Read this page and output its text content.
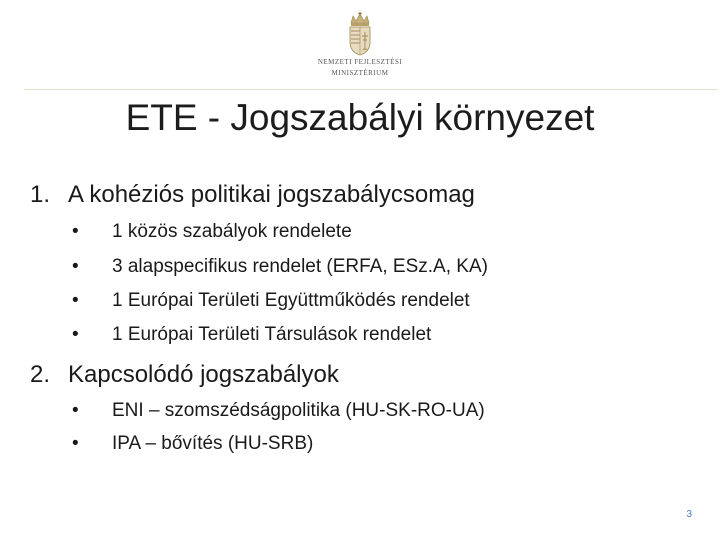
NEMZETI FEJLESZTÉSI
MINISZTÉRIUM
ETE - Jogszabályi környezet
1. A kohéziós politikai jogszabálycsomag
• 1 közös szabályok rendelete
• 3 alapspecifikus rendelet (ERFA, ESz.A, KA)
• 1 Európai Területi Együttműködés rendelet
• 1 Európai Területi Társulások rendelet
2. Kapcsolódó jogszabályok
• ENI – szomszédságpolitika (HU-SK-RO-UA)
• IPA – bővítés (HU-SRB)
3
